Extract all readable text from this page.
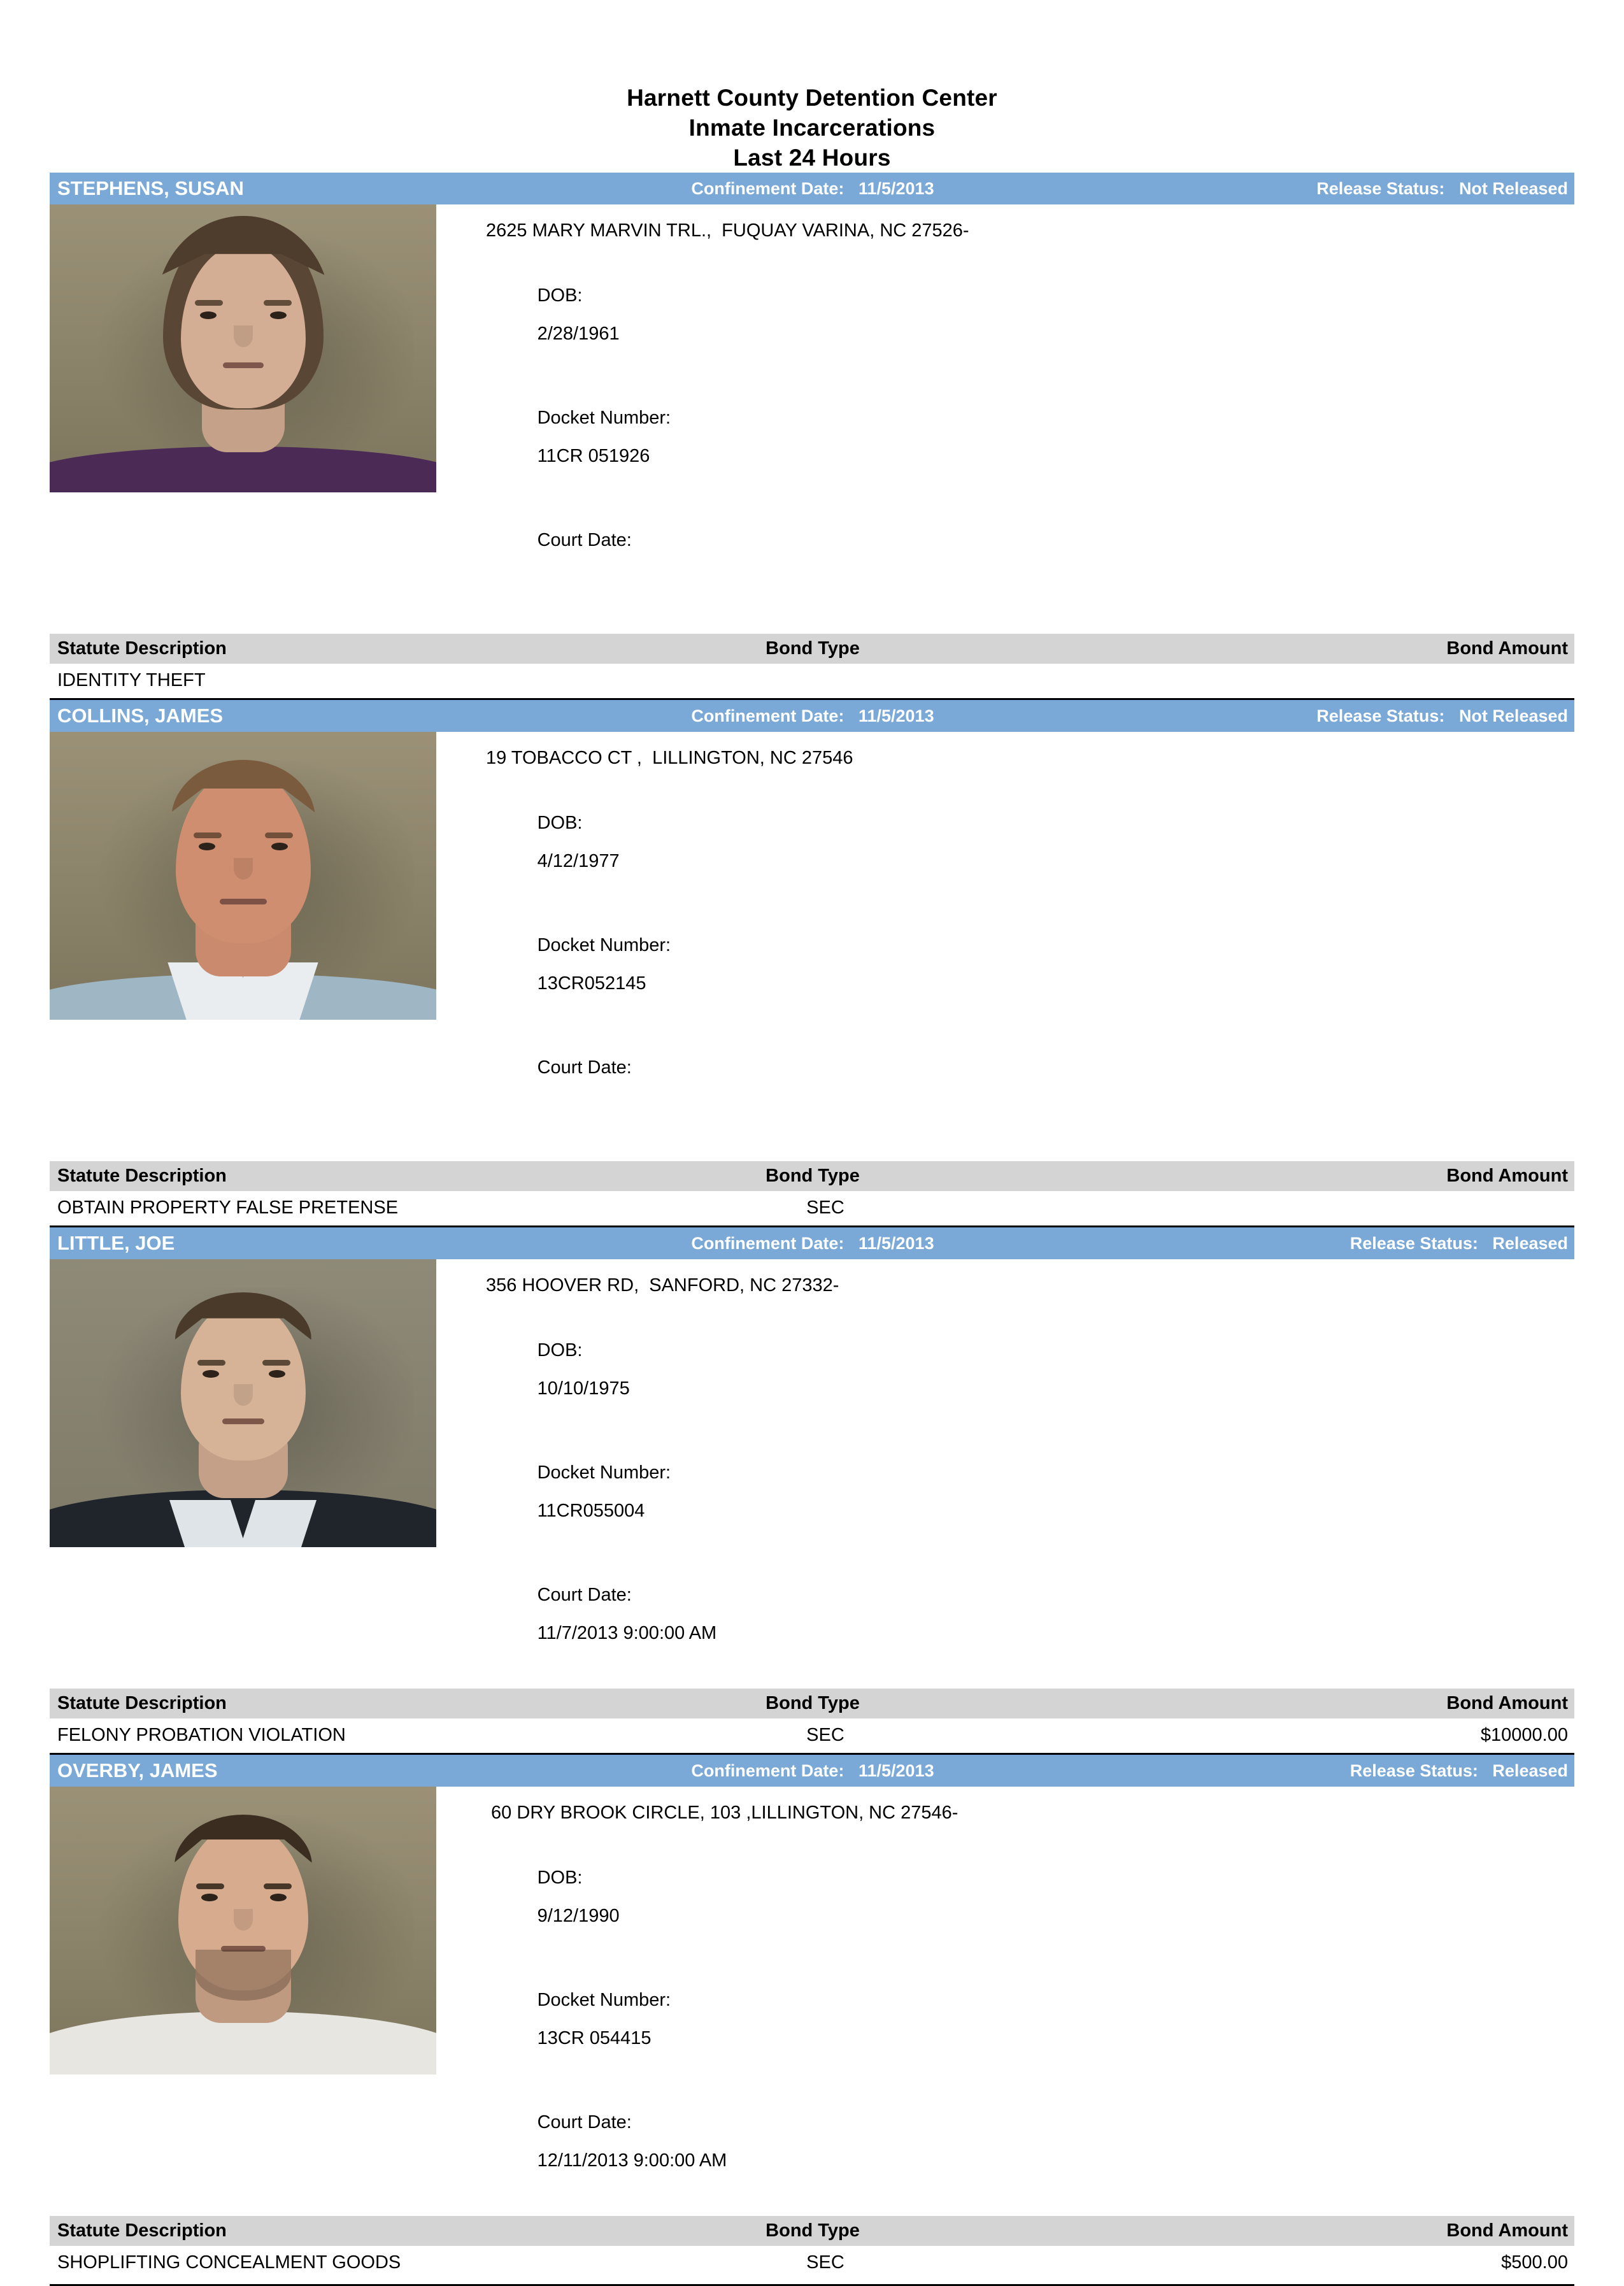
Harnett County Detention Center
Inmate Incarcerations
Last 24 Hours
STEPHENS, SUSAN	Confinement Date: 11/5/2013	Release Status: Not Released
2625 MARY MARVIN TRL.,  FUQUAY VARINA, NC 27526-

DOB:

2/28/1961

Docket Number:

11CR 051926

Court Date:

Statute Description	Bond Type	Bond Amount
IDENTITY THEFT
COLLINS, JAMES	Confinement Date: 11/5/2013	Release Status: Not Released
19 TOBACCO CT ,  LILLINGTON, NC 27546

DOB:

4/12/1977

Docket Number:

13CR052145

Court Date:

Statute Description	Bond Type	Bond Amount
OBTAIN PROPERTY FALSE PRETENSE	SEC
LITTLE, JOE	Confinement Date: 11/5/2013	Release Status: Released
356 HOOVER RD,  SANFORD, NC 27332-

DOB:

10/10/1975

Docket Number:

11CR055004

Court Date:

11/7/2013 9:00:00 AM

Statute Description	Bond Type	Bond Amount
FELONY PROBATION VIOLATION	SEC	$10000.00
OVERBY, JAMES	Confinement Date: 11/5/2013	Release Status: Released
60 DRY BROOK CIRCLE, 103 ,LILLINGTON, NC 27546-

DOB:

9/12/1990

Docket Number:

13CR 054415

Court Date:

12/11/2013 9:00:00 AM

Statute Description	Bond Type	Bond Amount
SHOPLIFTING CONCEALMENT GOODS	SEC	$500.00
